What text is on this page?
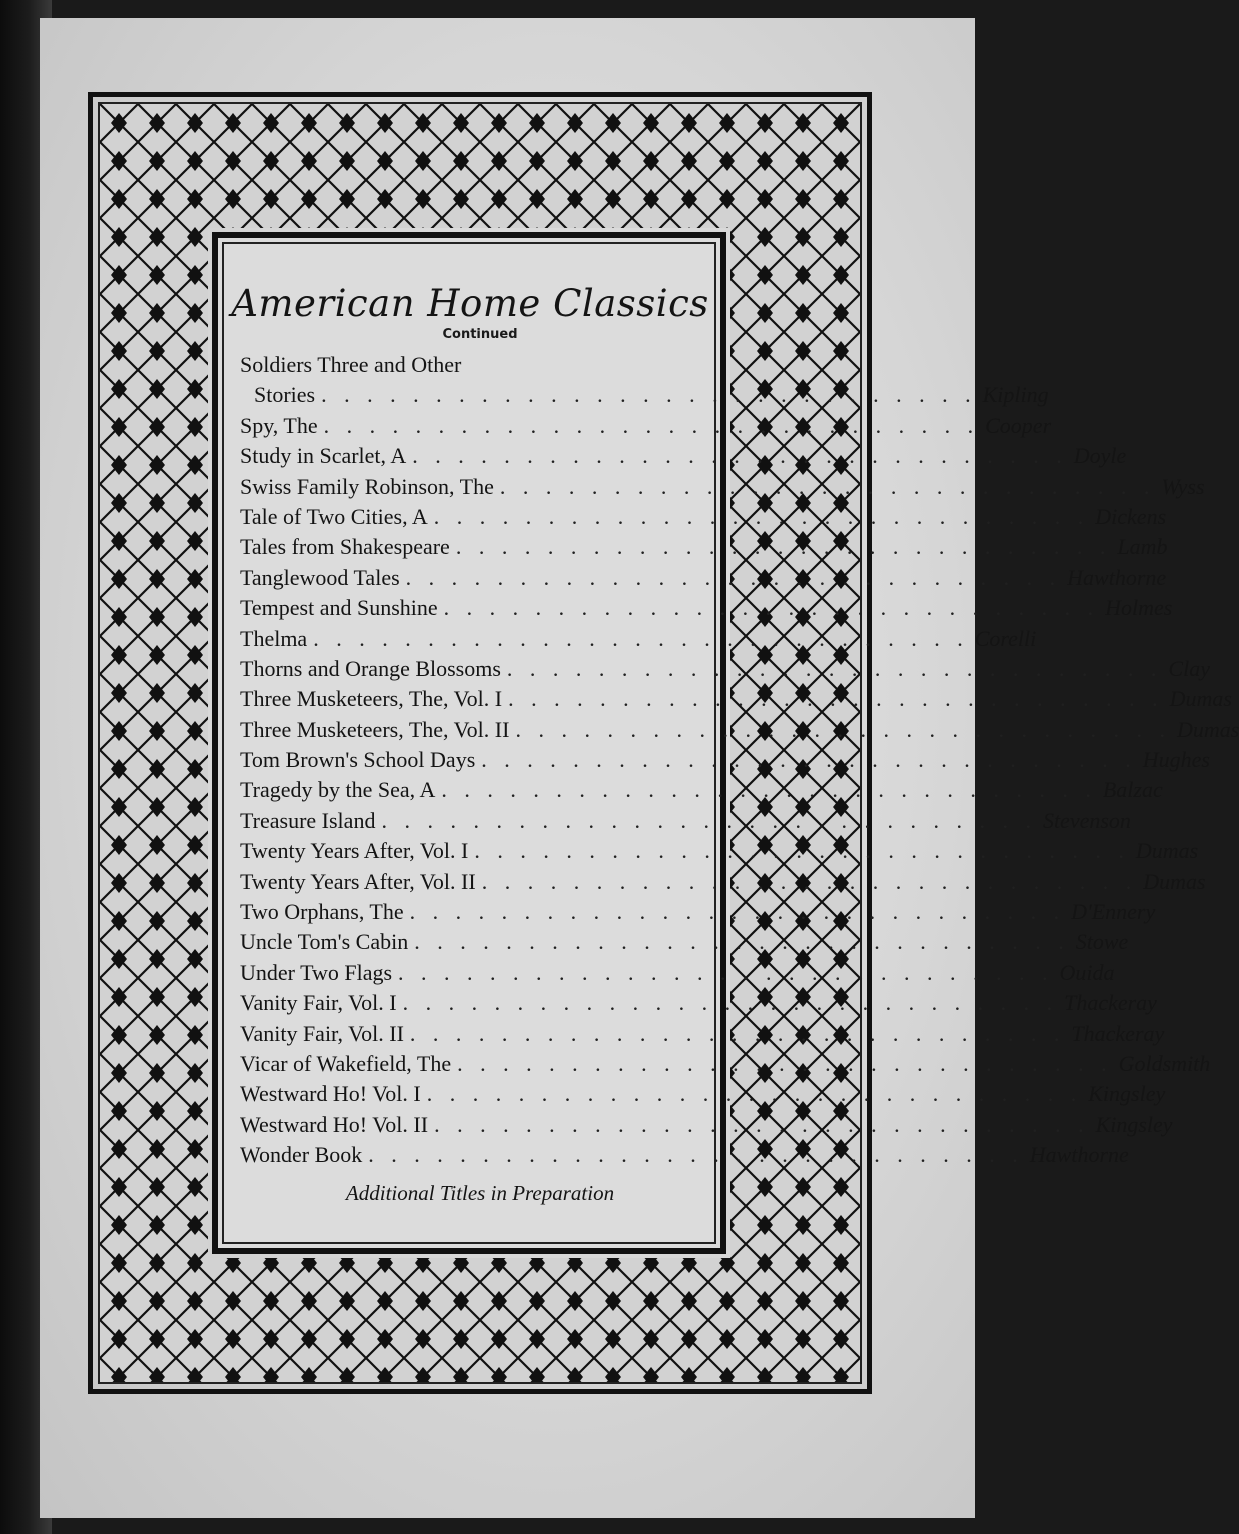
American Home Classics
Continued
Soldiers Three and Other
Stories . . . . . . . . . . . . . . . . . . . . . . . . . . . . . Kipling
Spy, The . . . . . . . . . . . . . . . . . . . . . . . . . . . . . Cooper
Study in Scarlet, A . . . . . . . . . . . . . . . . . . . . . . . . . . . . . Doyle
Swiss Family Robinson, The . . . . . . . . . . . . . . . . . . . . . . . . . . . . . Wyss
Tale of Two Cities, A . . . . . . . . . . . . . . . . . . . . . . . . . . . . . Dickens
Tales from Shakespeare . . . . . . . . . . . . . . . . . . . . . . . . . . . . . Lamb
Tanglewood Tales . . . . . . . . . . . . . . . . . . . . . . . . . . . . . Hawthorne
Tempest and Sunshine . . . . . . . . . . . . . . . . . . . . . . . . . . . . . Holmes
Thelma . . . . . . . . . . . . . . . . . . . . . . . . . . . . . Corelli
Thorns and Orange Blossoms . . . . . . . . . . . . . . . . . . . . . . . . . . . . . Clay
Three Musketeers, The, Vol. I . . . . . . . . . . . . . . . . . . . . . . . . . . . . . Dumas
Three Musketeers, The, Vol. II . . . . . . . . . . . . . . . . . . . . . . . . . . . . . Dumas
Tom Brown's School Days . . . . . . . . . . . . . . . . . . . . . . . . . . . . . Hughes
Tragedy by the Sea, A . . . . . . . . . . . . . . . . . . . . . . . . . . . . . Balzac
Treasure Island . . . . . . . . . . . . . . . . . . . . . . . . . . . . . Stevenson
Twenty Years After, Vol. I . . . . . . . . . . . . . . . . . . . . . . . . . . . . . Dumas
Twenty Years After, Vol. II . . . . . . . . . . . . . . . . . . . . . . . . . . . . . Dumas
Two Orphans, The . . . . . . . . . . . . . . . . . . . . . . . . . . . . . D'Ennery
Uncle Tom's Cabin . . . . . . . . . . . . . . . . . . . . . . . . . . . . . Stowe
Under Two Flags . . . . . . . . . . . . . . . . . . . . . . . . . . . . . Ouida
Vanity Fair, Vol. I . . . . . . . . . . . . . . . . . . . . . . . . . . . . . Thackeray
Vanity Fair, Vol. II . . . . . . . . . . . . . . . . . . . . . . . . . . . . . Thackeray
Vicar of Wakefield, The . . . . . . . . . . . . . . . . . . . . . . . . . . . . . Goldsmith
Westward Ho! Vol. I . . . . . . . . . . . . . . . . . . . . . . . . . . . . . Kingsley
Westward Ho! Vol. II . . . . . . . . . . . . . . . . . . . . . . . . . . . . . Kingsley
Wonder Book . . . . . . . . . . . . . . . . . . . . . . . . . . . . . Hawthorne
Additional Titles in Preparation
